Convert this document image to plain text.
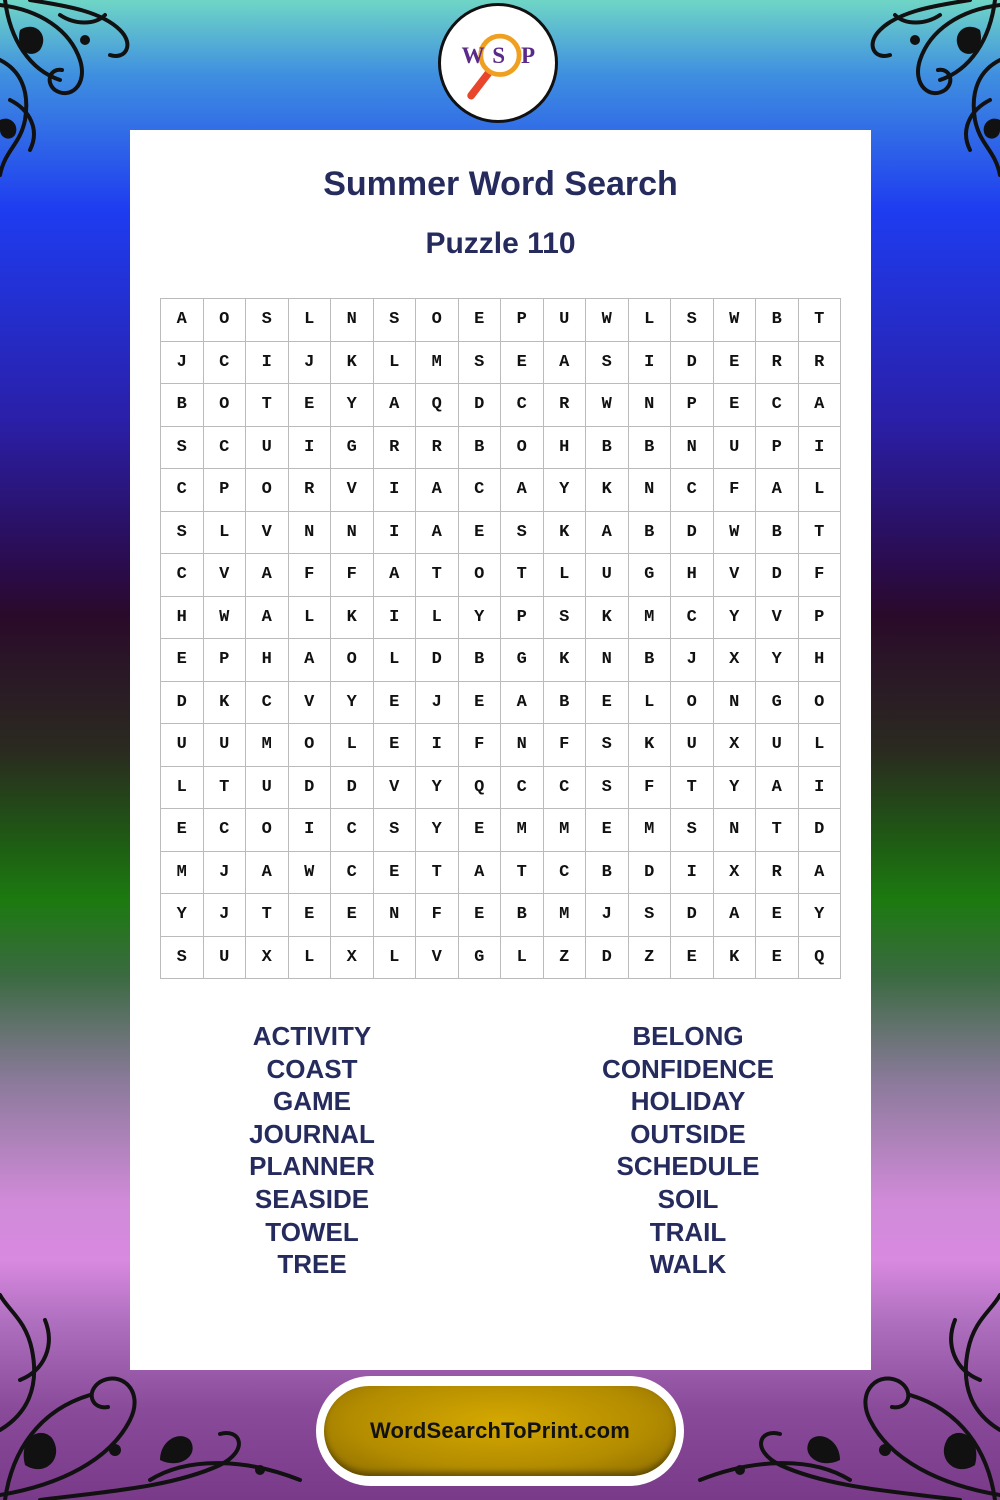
W S P
Summer Word Search
Puzzle 110
A	O	S	L	N	S	O	E	P	U	W	L	S	W	B	T
J	C	I	J	K	L	M	S	E	A	S	I	D	E	R	R
B	O	T	E	Y	A	Q	D	C	R	W	N	P	E	C	A
S	C	U	I	G	R	R	B	O	H	B	B	N	U	P	I
C	P	O	R	V	I	A	C	A	Y	K	N	C	F	A	L
S	L	V	N	N	I	A	E	S	K	A	B	D	W	B	T
C	V	A	F	F	A	T	O	T	L	U	G	H	V	D	F
H	W	A	L	K	I	L	Y	P	S	K	M	C	Y	V	P
E	P	H	A	O	L	D	B	G	K	N	B	J	X	Y	H
D	K	C	V	Y	E	J	E	A	B	E	L	O	N	G	O
U	U	M	O	L	E	I	F	N	F	S	K	U	X	U	L
L	T	U	D	D	V	Y	Q	C	C	S	F	T	Y	A	I
E	C	O	I	C	S	Y	E	M	M	E	M	S	N	T	D
M	J	A	W	C	E	T	A	T	C	B	D	I	X	R	A
Y	J	T	E	E	N	F	E	B	M	J	S	D	A	E	Y
S	U	X	L	X	L	V	G	L	Z	D	Z	E	K	E	Q
ACTIVITY
COAST
GAME
JOURNAL
PLANNER
SEASIDE
TOWEL
TREE
BELONG
CONFIDENCE
HOLIDAY
OUTSIDE
SCHEDULE
SOIL
TRAIL
WALK
WordSearchToPrint.com
